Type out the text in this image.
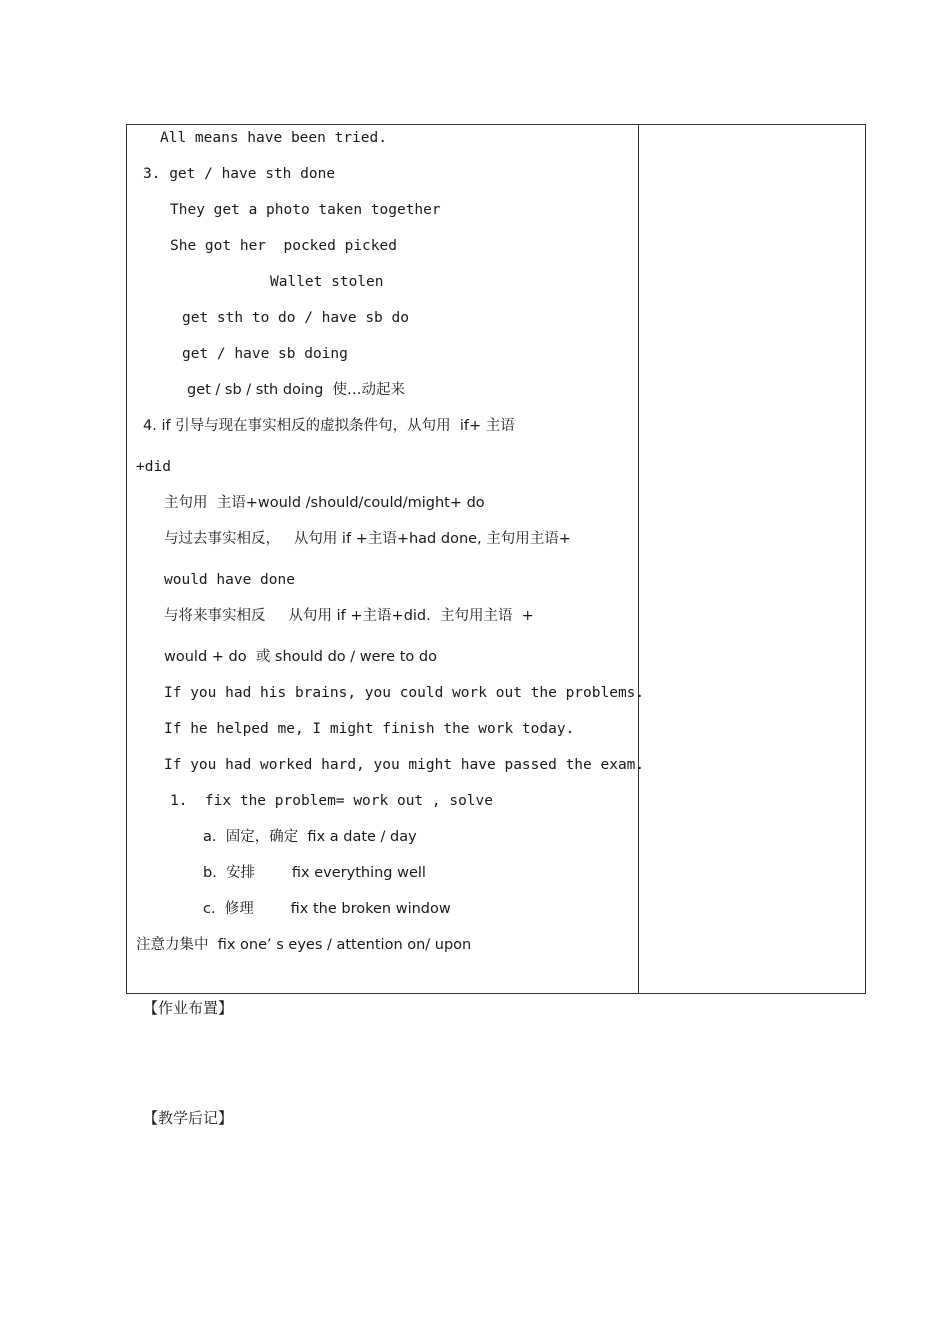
All means have been tried.
3. get / have sth done
They get a photo taken together
She got her  pocked picked
Wallet stolen
get sth to do / have sb do
get / have sb doing
get / sb / sth doing  使…动起来
4. if 引导与现在事实相反的虚拟条件句，从句用  if+ 主语
+did
主句用  主语+would /should/could/might+ do
与过去事实相反，   从句用 if +主语+had done, 主句用主语+
would have done
与将来事实相反     从句用 if +主语+did.  主句用主语  +
would + do  或 should do / were to do
If you had his brains, you could work out the problems.
If he helped me, I might finish the work today.
If you had worked hard, you might have passed the exam.
1.  fix the problem= work out , solve
a.  固定，确定  fix a date / day
b.  安排        fix everything well
c.  修理        fix the broken window
注意力集中  fix one’ s eyes / attention on/ upon
【作业布置】
【教学后记】
